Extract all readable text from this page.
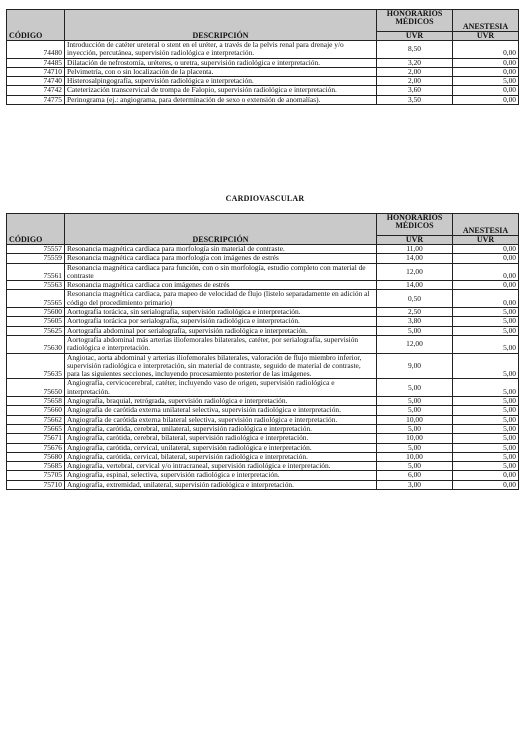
CÓDIGO	DESCRIPCIÓN	HONORARIOS MÉDICOS	ANESTESIA
		UVR	UVR
74480	Introducción de catéter ureteral o stent en el uréter, a través de la pelvis renal para drenaje y/o inyección, percutánea, supervisión radiológica e interpretación.	8,50	0,00
74485	Dilatación de nefrostomía, uréteres, o uretra, supervisión radiológica e interpretación.	3,20	0,00
74710	Pelvimetría, con o sin localización de la placenta.	2,00	0,00
74740	Histerosalpingografía, supervisión radiológica e interpretación.	2,00	5,00
74742	Cateterización transcervical de trompa de Falopio, supervisión radiológica e interpretación.	3,60	0,00
74775	Perinograma (ej.: angiograma, para determinación de sexo o extensión de anomalías).	3,50	0,00
CARDIOVASCULAR
CÓDIGO	DESCRIPCIÓN	HONORARIOS MÉDICOS	ANESTESIA
		UVR	UVR
75557	Resonancia magnética cardiaca para morfología sin material de contraste.	11,00	0,00
75559	Resonancia magnética cardiaca para morfología con imágenes de estrés	14,00	0,00
75561	Resonancia magnética cardiaca para función, con o sin morfología, estudio completo con material de contraste	12,00	0,00
75563	Resonancia magnética cardiaca con imágenes de estrés	14,00	0,00
75565	Resonancia magnética cardiaca, para mapeo de velocidad de flujo (listelo separadamente en adición al código del procedimiento primario)	0,50	0,00
75600	Aortografía torácica, sin serialografía, supervisión radiológica e interpretación.	2,50	5,00
75605	Aortografía torácica por serialografía, supervisión radiológica e interpretación.	3,80	5,00
75625	Aortografía abdominal por serialografía, supervisión radiológica e interpretación.	5,00	5,00
75630	Aortografía abdominal más arterias iliofemorales bilaterales, catéter, por serialografía, supervisión radiológica e interpretación.	12,00	5,00
75635	Angiotac, aorta abdominal y arterias iliofemorales bilaterales, valoración de flujo miembro inferior, supervisión radiológica e interpretación, sin material de contraste, seguido de material de contraste, para las siguientes secciones, incluyendo procesamiento posterior de las imágenes.	9,00	5,00
75650	Angiografía, cervicocerebral, catéter, incluyendo vaso de origen, supervisión radiológica e interpretación.	5,00	5,00
75658	Angiografía, braquial, retrógrada, supervisión radiológica e interpretación.	5,00	5,00
75660	Angiografía de carótida externa unilateral selectiva, supervisión radiológica e interpretación.	5,00	5,00
75662	Angiografía de carótida externa bilateral selectiva, supervisión radiológica e interpretación.	10,00	5,00
75665	Angiografía, carótida, cerebral, unilateral, supervisión radiológica e interpretación.	5,00	5,00
75671	Angiografía, carótida, cerebral, bilateral, supervisión radiológica e interpretación.	10,00	5,00
75676	Angiografía, carótida, cervical, unilateral, supervisión radiológica e interpretación.	5,00	5,00
75680	Angiografía, carótida, cervical, bilateral, supervisión radiológica e interpretación.	10,00	5,00
75685	Angiografía, vertebral, cervical y/o intracraneal, supervisión radiológica e interpretación.	5,00	5,00
75705	Angiografía, espinal, selectiva, supervisión radiológica e interpretación.	6,00	0,00
75710	Angiografía, extremidad, unilateral, supervisión radiológica e interpretación.	3,00	0,00
